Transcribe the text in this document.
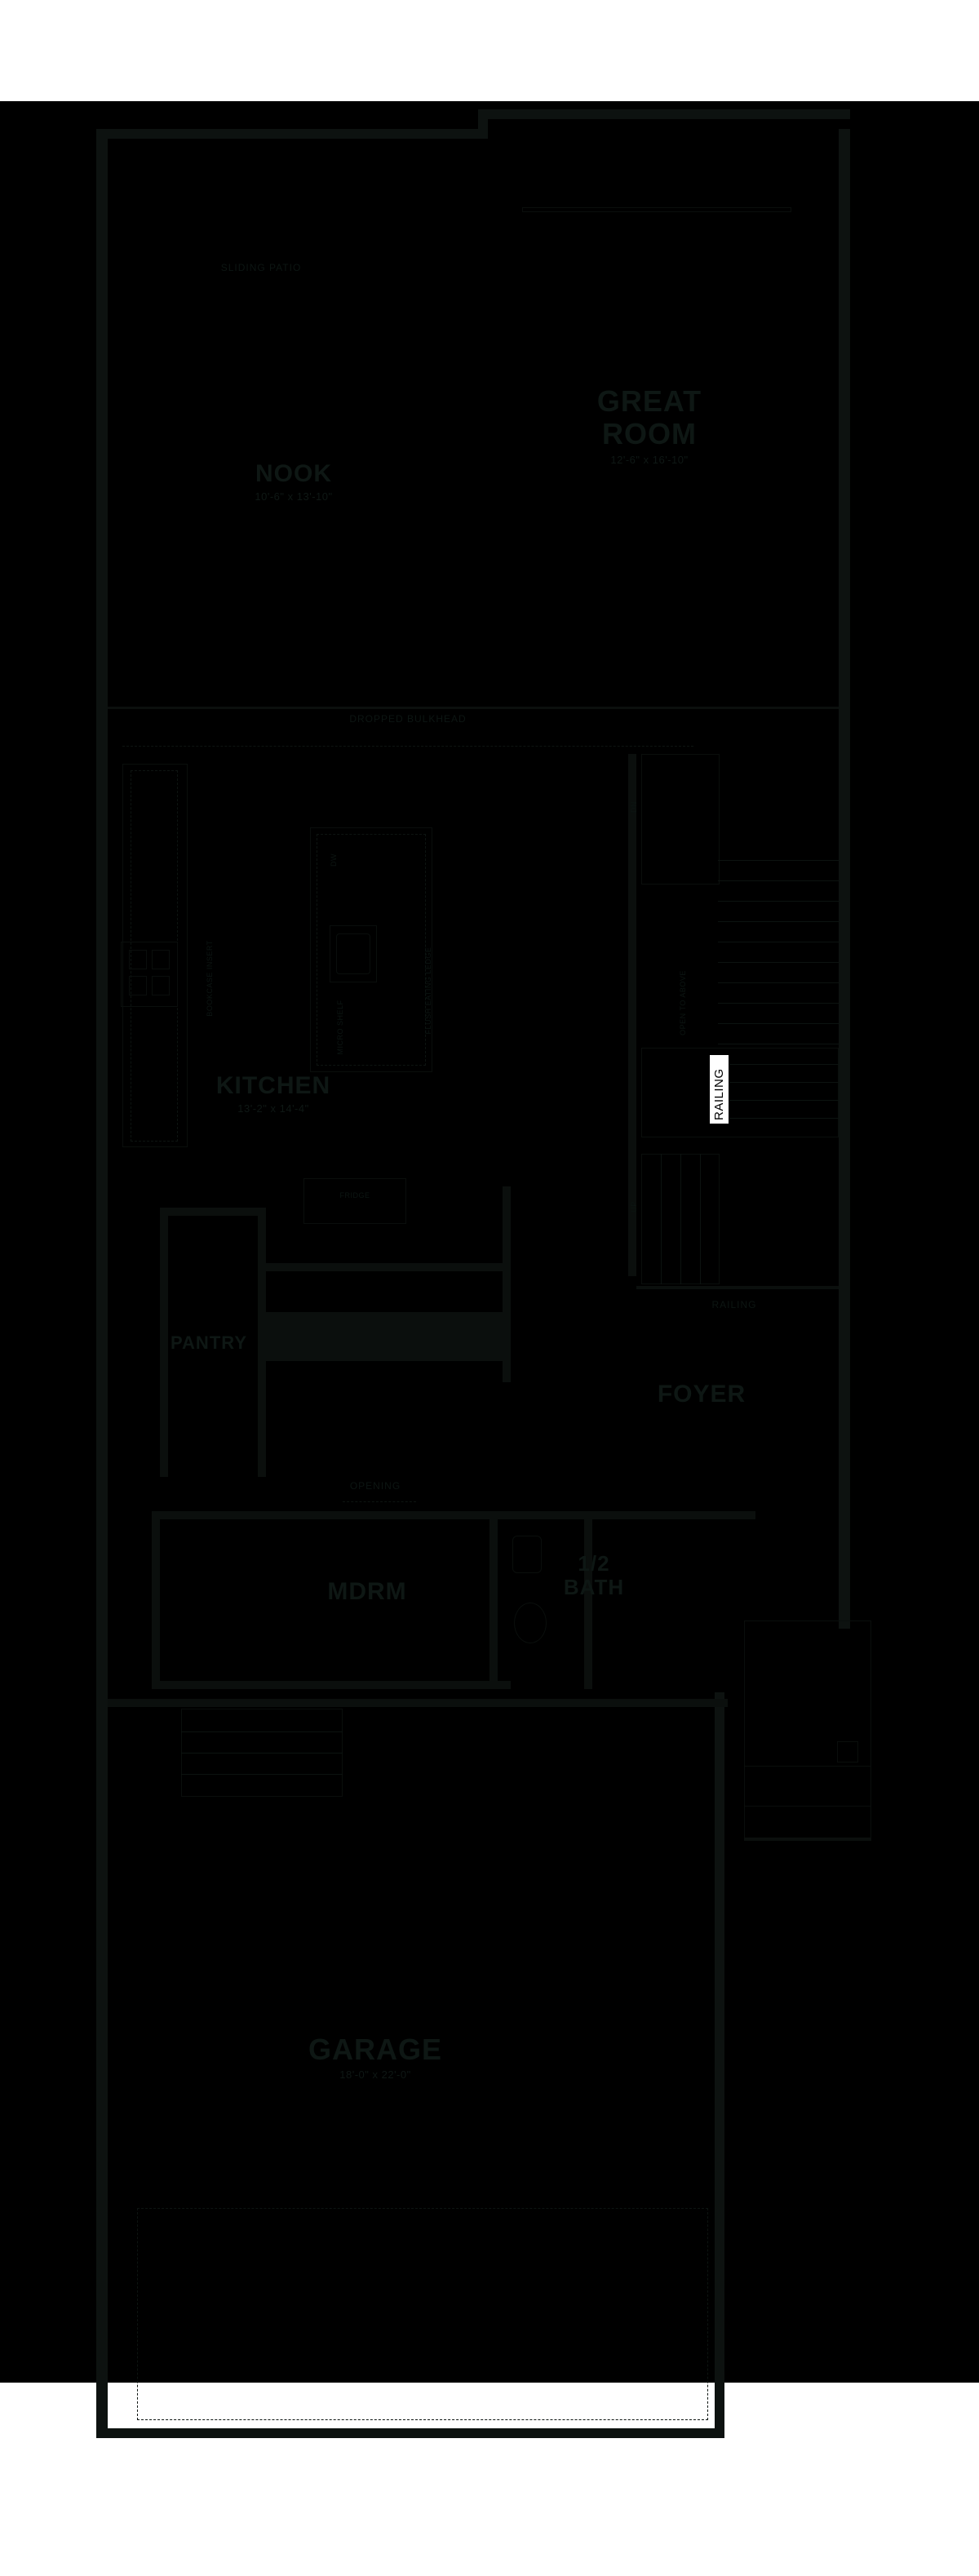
SLIDING PATIO
NOOK
10'-6" x 13'-10"
GREAT
ROOM
12'-6" x 16'-10"
DROPPED BULKHEAD
DW
MICRO SHELF	FLUSH EATING LEDGE
BOOKCASE INSERT
KITCHEN
13'-2" x 14'-4"
FRIDGE
PANTRY
OPENING
UP
DN
OPEN TO ABOVE
RAILING
RAILING
FOYER
MDRM
1/2
BATH
GARAGE
18'-0" x 22'-0"
